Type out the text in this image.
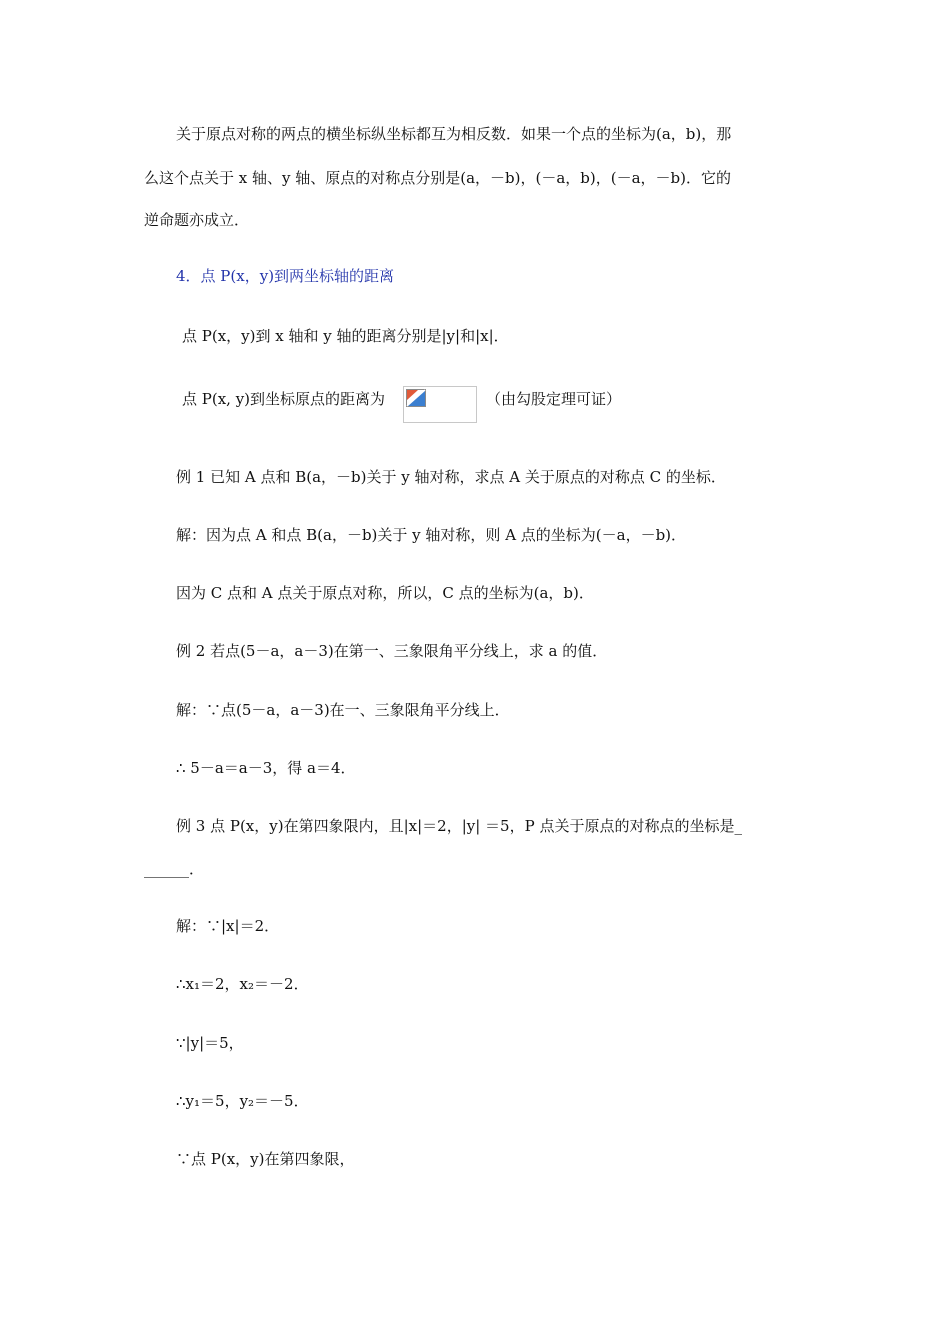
关于原点对称的两点的横坐标纵坐标都互为相反数．如果一个点的坐标为(a，b)，那
么这个点关于 x 轴、y 轴、原点的对称点分别是(a，－b)，(－a，b)，(－a，－b)．它的
逆命题亦成立．
4．点 P(x，y)到两坐标轴的距离
点 P(x，y)到 x 轴和 y 轴的距离分别是|y|和|x|．
点 P(x, y)到坐标原点的距离为	（由勾股定理可证）
例 1 已知 A 点和 B(a，－b)关于 y 轴对称，求点 A 关于原点的对称点 C 的坐标．
解：因为点 A 和点 B(a，－b)关于 y 轴对称，则 A 点的坐标为(－a，－b)．
因为 C 点和 A 点关于原点对称，所以，C 点的坐标为(a，b)．
例 2 若点(5－a，a－3)在第一、三象限角平分线上，求 a 的值．
解：∵点(5－a，a－3)在一、三象限角平分线上．
∴ 5－a＝a－3，得 a＝4．
例 3 点 P(x，y)在第四象限内，且|x|＝2，|y| ＝5，P 点关于原点的对称点的坐标是_
______．
解：∵|x|＝2．
∴x₁＝2，x₂＝－2．
∵|y|＝5，
∴y₁＝5，y₂＝－5．
∵点 P(x，y)在第四象限，
